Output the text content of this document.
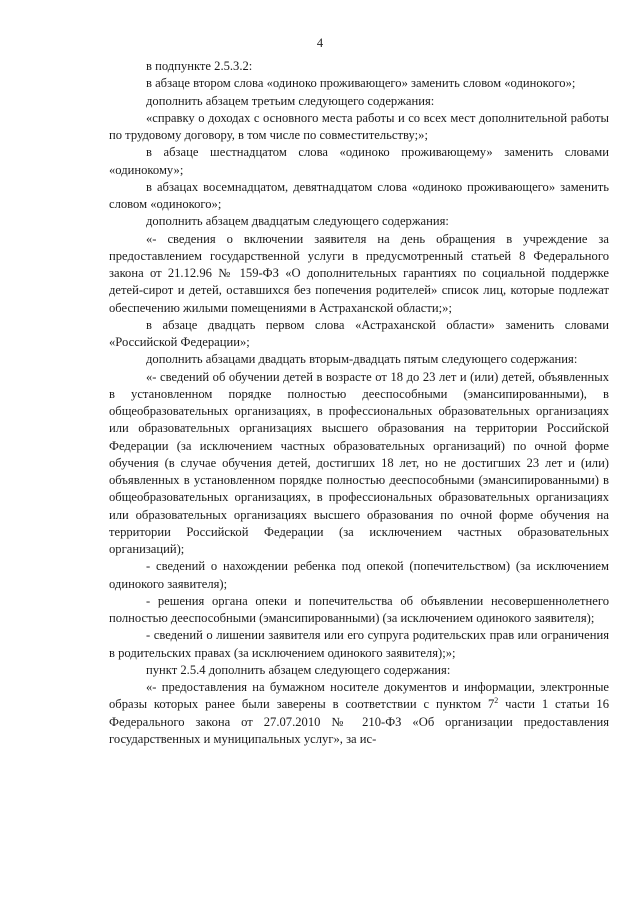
4

в подпункте 2.5.3.2:

в абзаце втором слова «одиноко проживающего» заменить словом «одинокого»;

дополнить абзацем третьим следующего содержания:

«справку о доходах с основного места работы и со всех мест дополнительной работы по трудовому договору, в том числе по совместительству;»;

в абзаце шестнадцатом слова «одиноко проживающему» заменить словами «одинокому»;

в абзацах восемнадцатом, девятнадцатом слова «одиноко проживающего» заменить словом «одинокого»;

дополнить абзацем двадцатым следующего содержания:

«- сведения о включении заявителя на день обращения в учреждение за предоставлением государственной услуги в предусмотренный статьей 8 Федерального закона от 21.12.96 № 159-ФЗ «О дополнительных гарантиях по социальной поддержке детей-сирот и детей, оставшихся без попечения родителей» список лиц, которые подлежат обеспечению жилыми помещениями в Астраханской области;»;

в абзаце двадцать первом слова «Астраханской области» заменить словами «Российской Федерации»;

дополнить абзацами двадцать вторым-двадцать пятым следующего содержания:

«- сведений об обучении детей в возрасте от 18 до 23 лет и (или) детей, объявленных в установленном порядке полностью дееспособными (эмансипированными), в общеобразовательных организациях, в профессиональных образовательных организациях или образовательных организациях высшего образования на территории Российской Федерации (за исключением частных образовательных организаций) по очной форме обучения (в случае обучения детей, достигших 18 лет, но не достигших 23 лет и (или) объявленных в установленном порядке полностью дееспособными (эмансипированными) в общеобразовательных организациях, в профессиональных образовательных организациях или образовательных организациях высшего образования по очной форме обучения на территории Российской Федерации (за исключением частных образовательных организаций);

- сведений о нахождении ребенка под опекой (попечительством) (за исключением одинокого заявителя);

- решения органа опеки и попечительства об объявлении несовершеннолетнего полностью дееспособными (эмансипированными) (за исключением одинокого заявителя);

- сведений о лишении заявителя или его супруга родительских прав или ограничения в родительских правах (за исключением одинокого заявителя);»;

пункт 2.5.4 дополнить абзацем следующего содержания:

«- предоставления на бумажном носителе документов и информации, электронные образы которых ранее были заверены в соответствии с пунктом $7^2$ части 1 статьи 16 Федерального закона от 27.07.2010 № 210-ФЗ «Об организации предоставления государственных и муниципальных услуг», за ис-
